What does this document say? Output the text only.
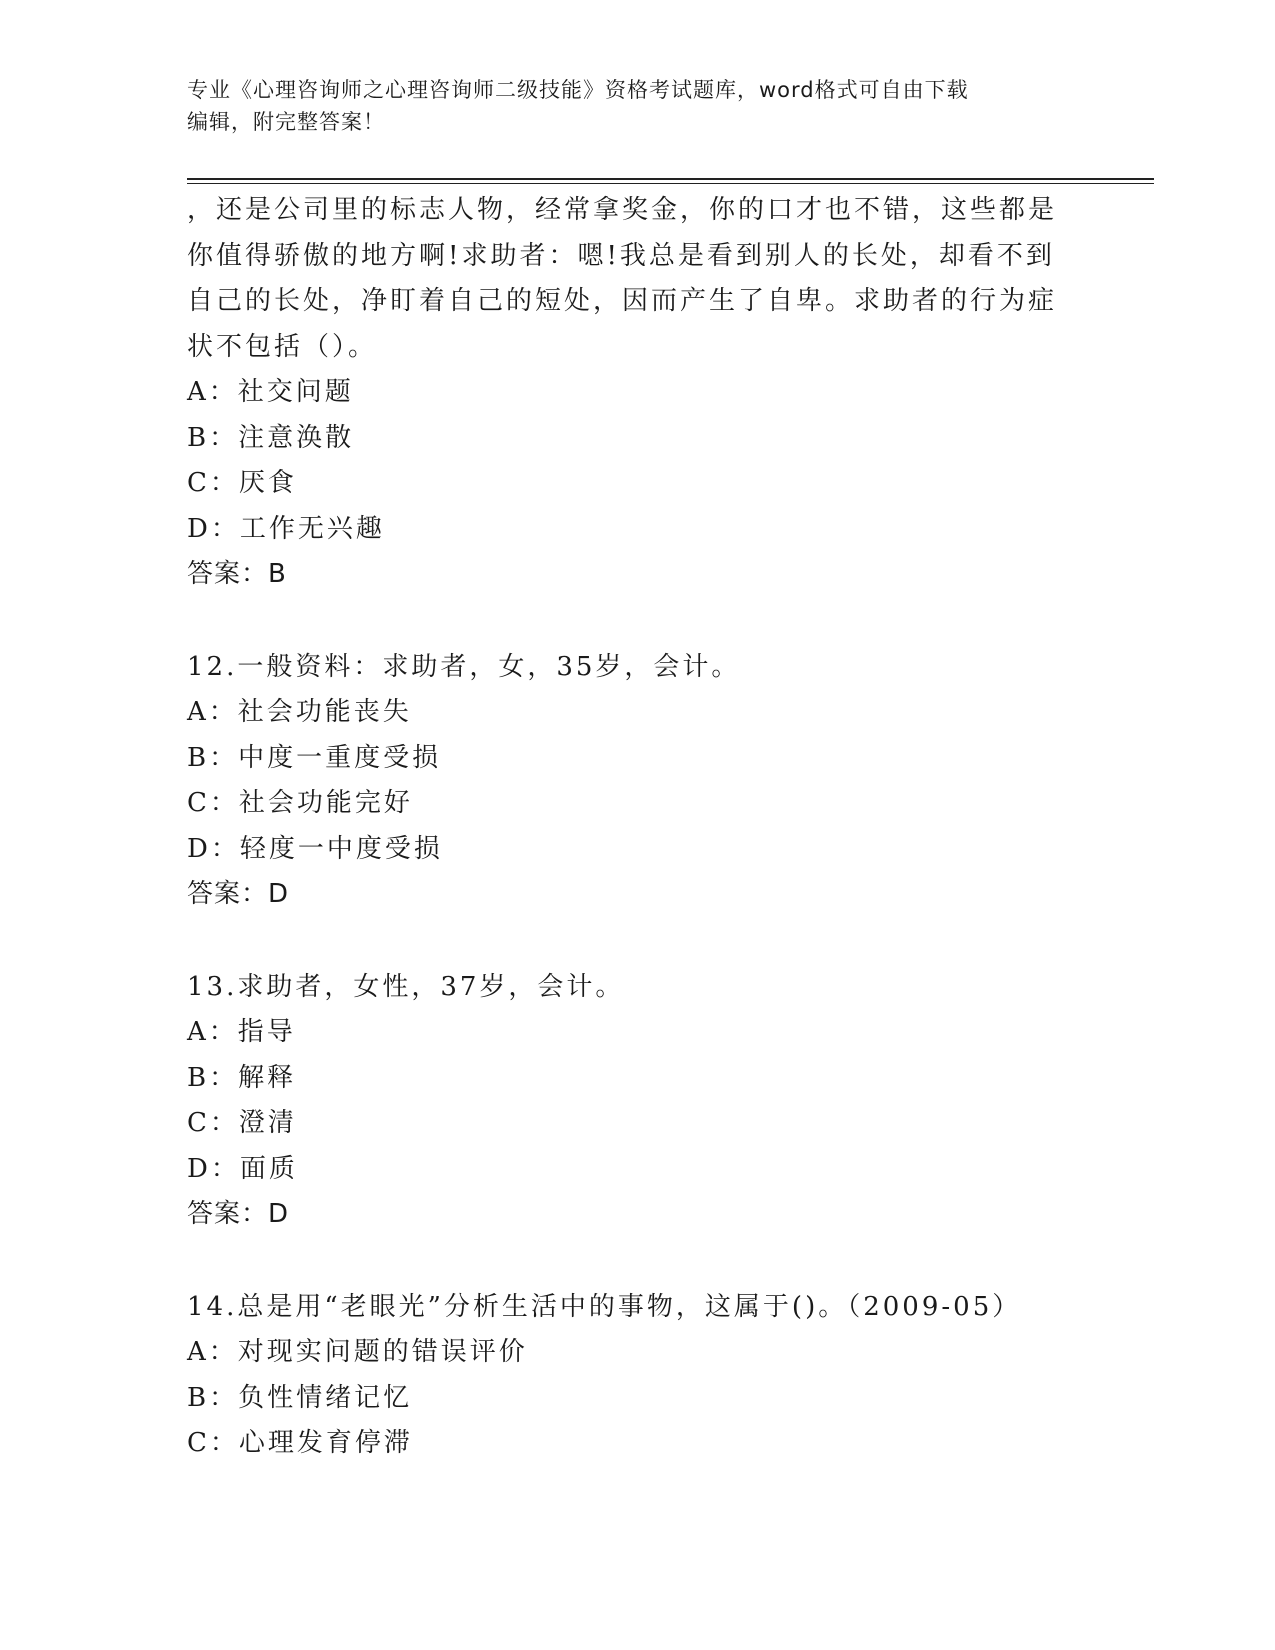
专业《心理咨询师之心理咨询师二级技能》资格考试题库，word格式可自由下载
编辑，附完整答案！
，还是公司里的标志人物，经常拿奖金，你的口才也不错，这些都是
你值得骄傲的地方啊!求助者：嗯!我总是看到别人的长处，却看不到
自己的长处，净盯着自己的短处，因而产生了自卑。求助者的行为症
状不包括（）。
A：社交问题
B：注意涣散
C：厌食
D：工作无兴趣
答案：B
12.一般资料：求助者，女，35岁，会计。
A：社会功能丧失
B：中度一重度受损
C：社会功能完好
D：轻度一中度受损
答案：D
13.求助者，女性，37岁，会计。
A：指导
B：解释
C：澄清
D：面质
答案：D
14.总是用“老眼光”分析生活中的事物，这属于()。（2009-05）
A：对现实问题的错误评价
B：负性情绪记忆
C：心理发育停滞
